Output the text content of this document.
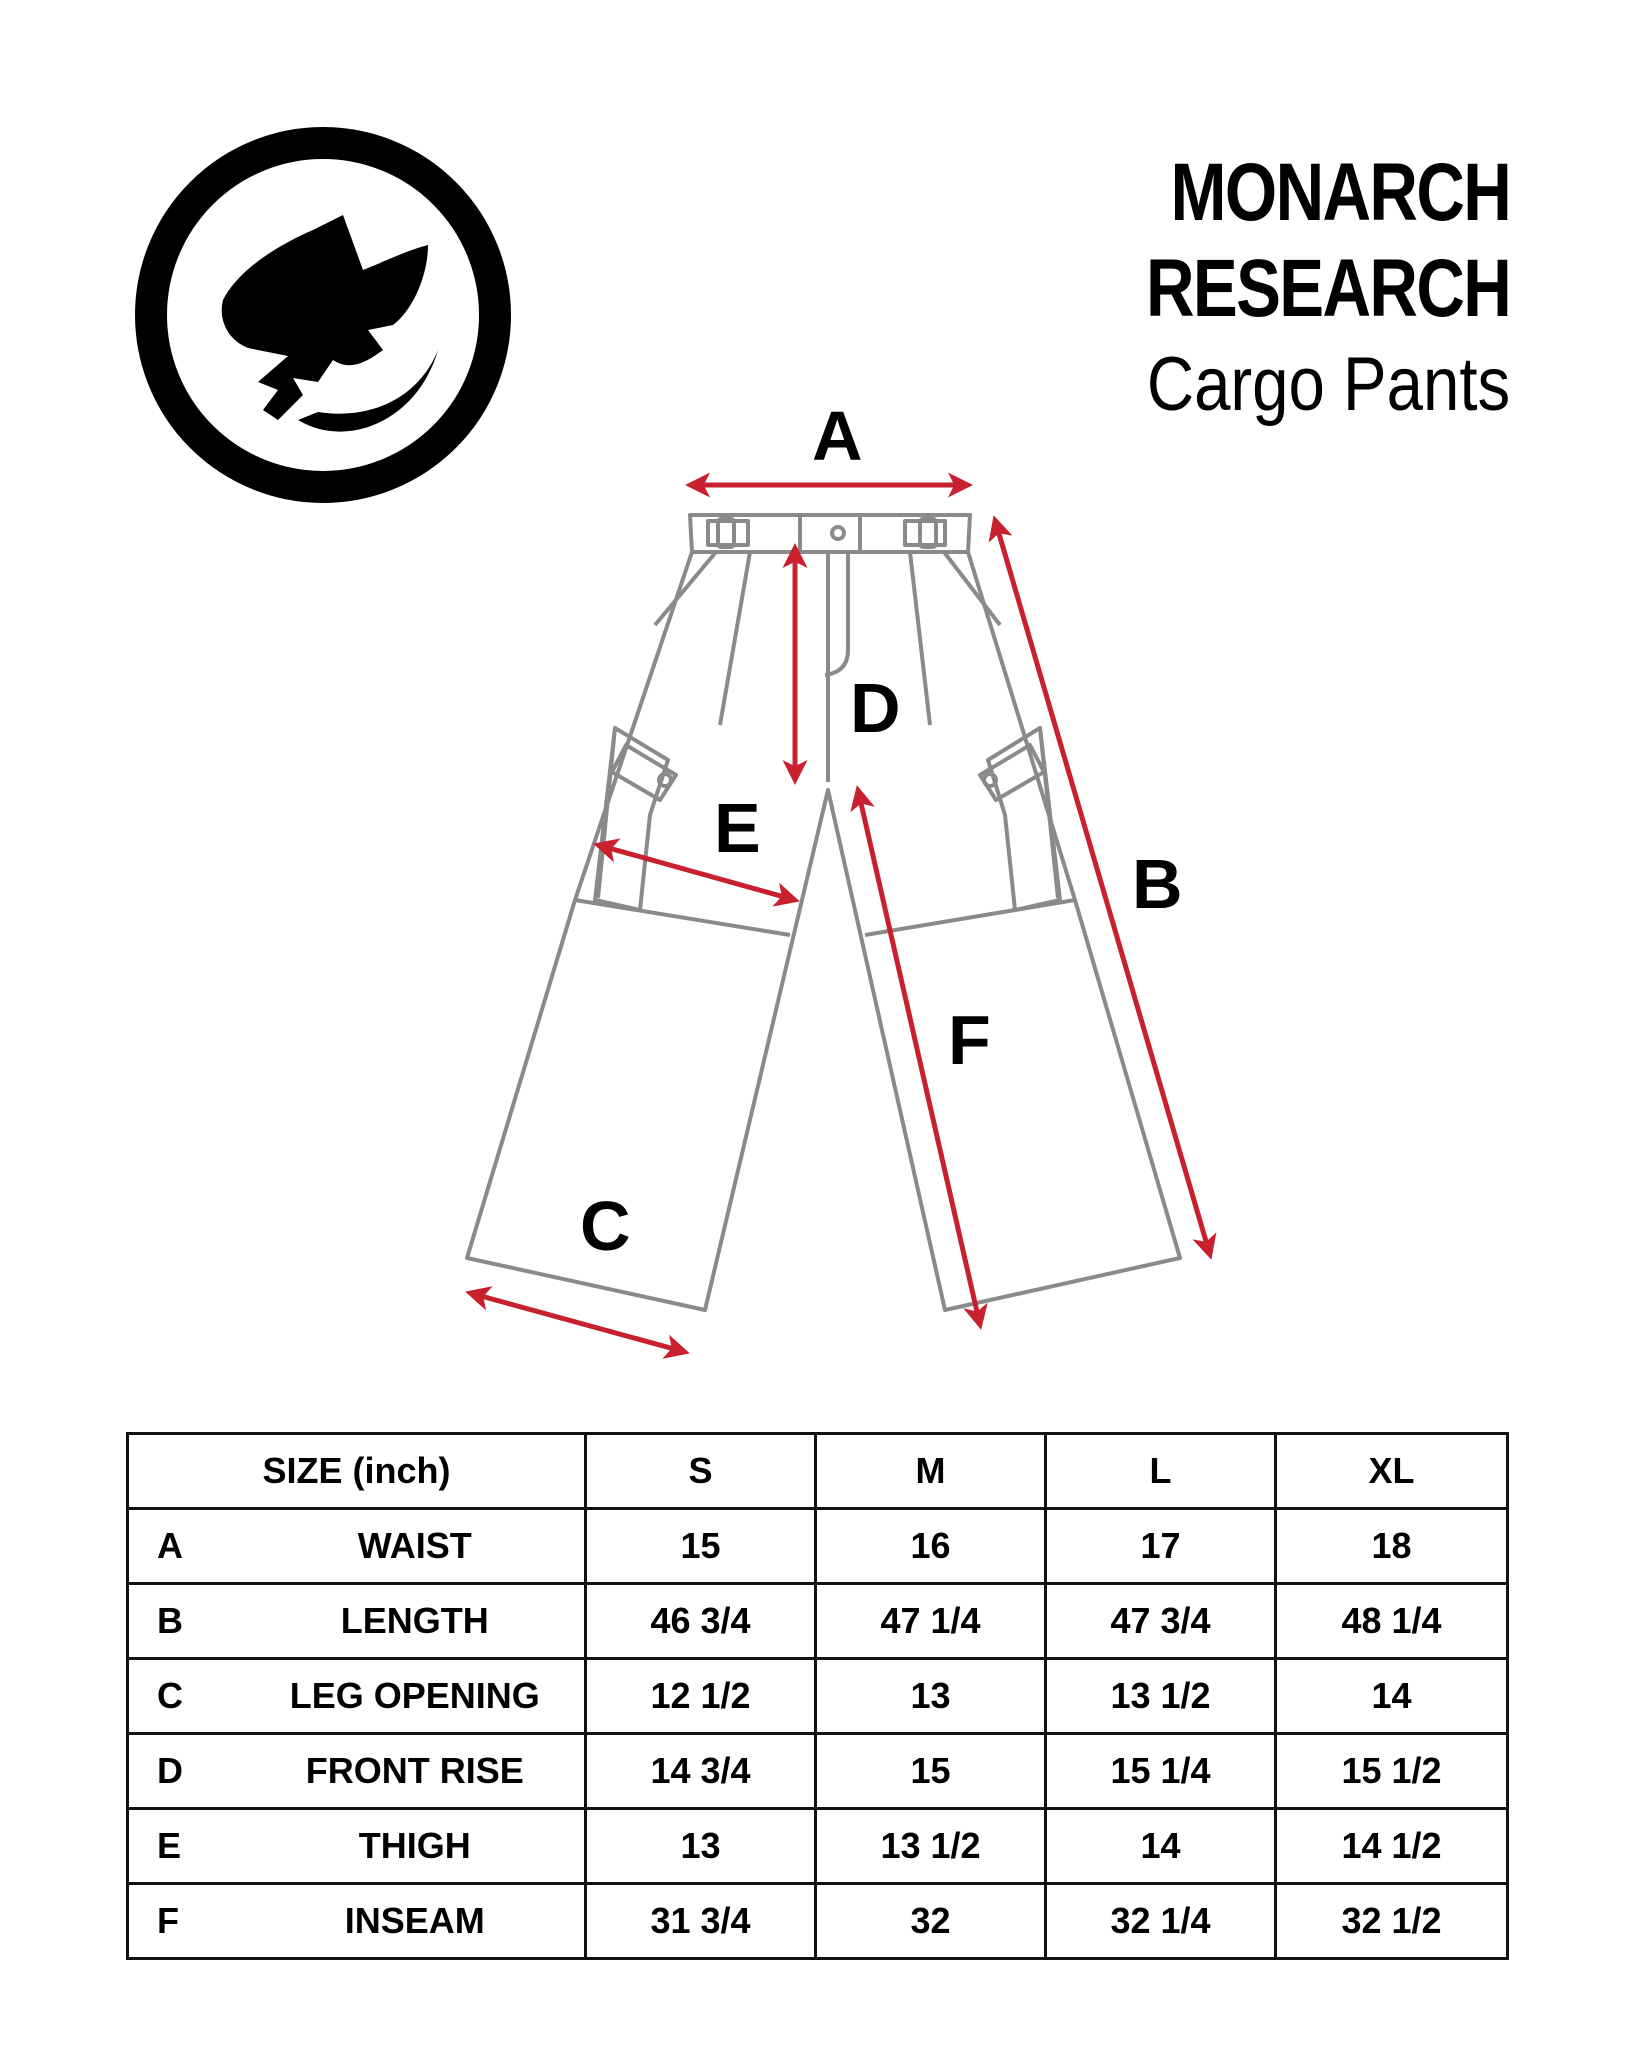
MONARCH
RESEARCH
Cargo Pants
A
B
C
D
E
F
SIZE (inch)		S	M	L	XL
A	WAIST	15	16	17	18
B	LENGTH	46 3/4	47 1/4	47 3/4	48 1/4
C	LEG OPENING	12 1/2	13	13 1/2	14
D	FRONT RISE	14 3/4	15	15 1/4	15 1/2
E	THIGH	13	13 1/2	14	14 1/2
F	INSEAM	31 3/4	32	32 1/4	32 1/2
